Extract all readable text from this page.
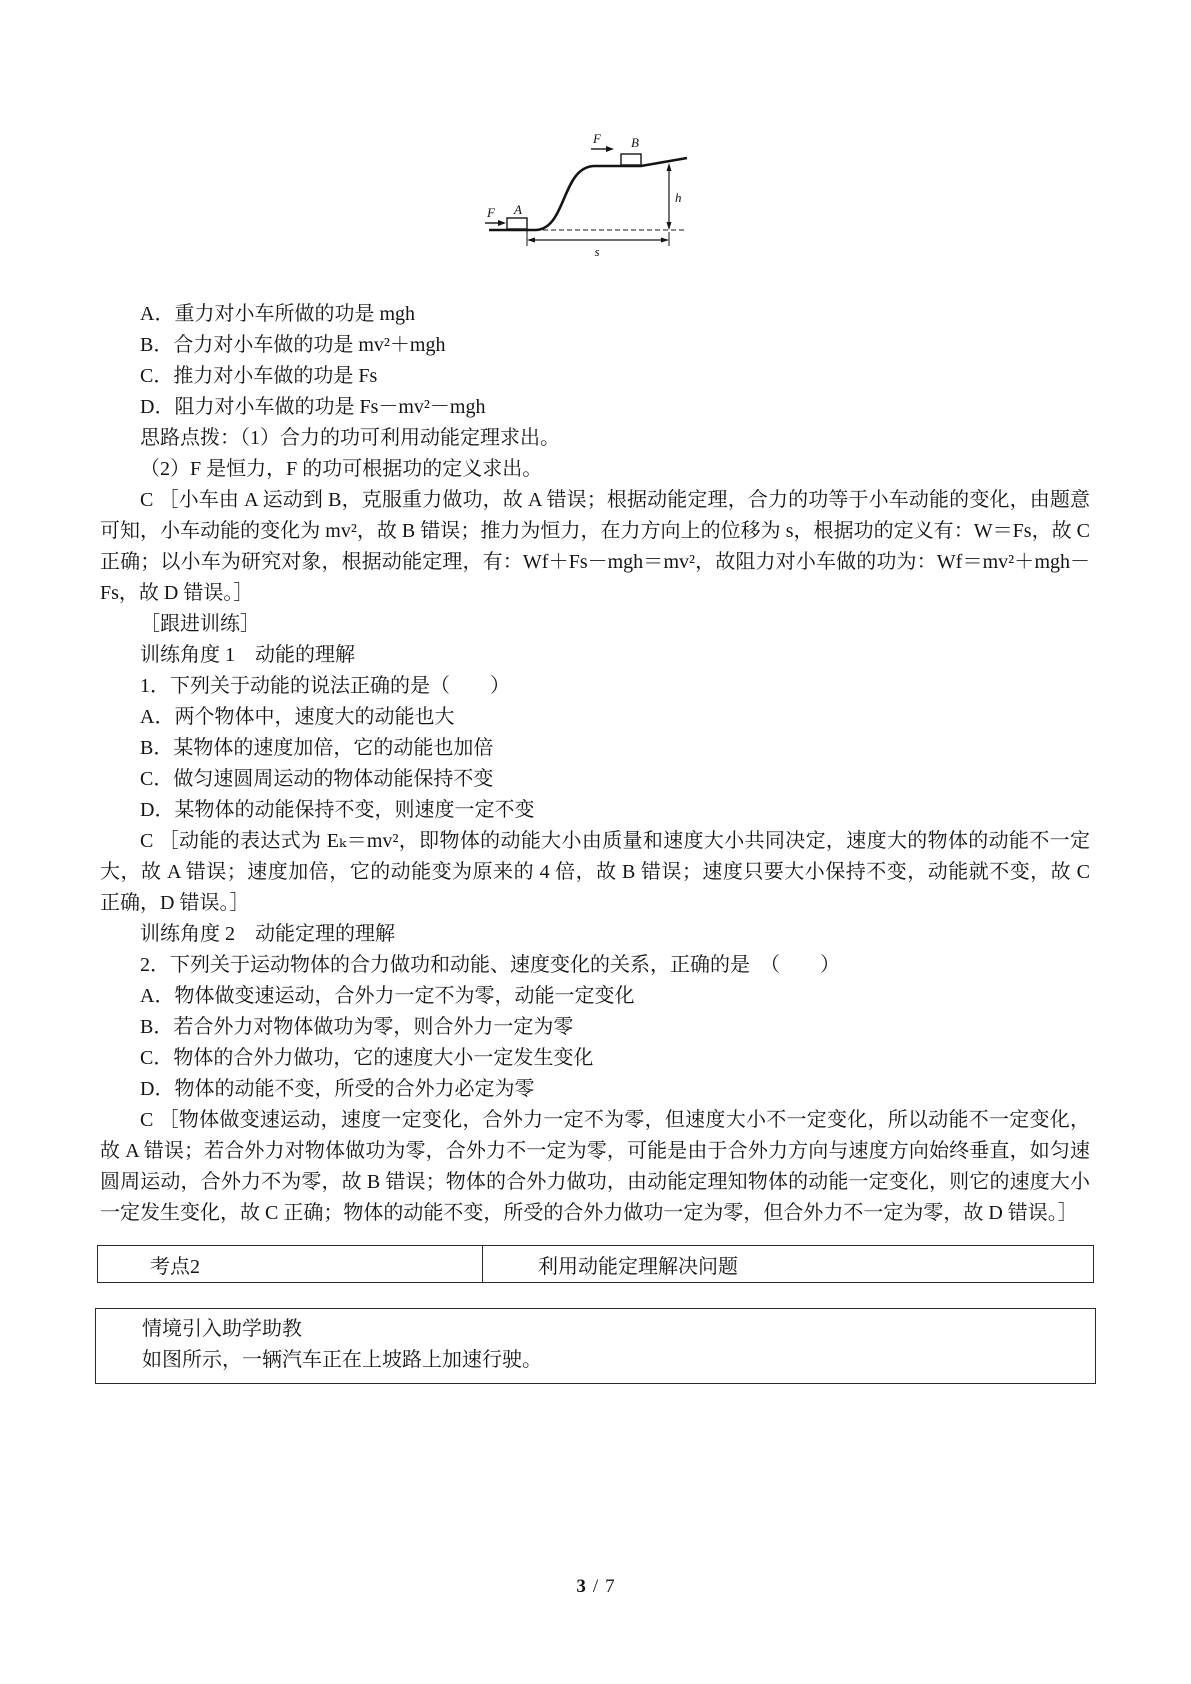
A
F
B
F
h
s

A．重力对小车所做的功是 mgh

B．合力对小车做的功是 mv²＋mgh

C．推力对小车做的功是 Fs

D．阻力对小车做的功是 Fs－mv²－mgh

思路点拨：（1）合力的功可利用动能定理求出。

（2）F 是恒力，F 的功可根据功的定义求出。

C ［小车由 A 运动到 B，克服重力做功，故 A 错误；根据动能定理，合力的功等于小车动能的变化，由题意可知，小车动能的变化为 mv²，故 B 错误；推力为恒力，在力方向上的位移为 s，根据功的定义有：W＝Fs，故 C 正确；以小车为研究对象，根据动能定理，有：Wf＋Fs－mgh＝mv²，故阻力对小车做的功为：Wf＝mv²＋mgh－Fs，故 D 错误。］

［跟进训练］

训练角度 1　动能的理解

1．下列关于动能的说法正确的是（　　）

A．两个物体中，速度大的动能也大

B．某物体的速度加倍，它的动能也加倍

C．做匀速圆周运动的物体动能保持不变

D．某物体的动能保持不变，则速度一定不变

C ［动能的表达式为 Eₖ＝mv²，即物体的动能大小由质量和速度大小共同决定，速度大的物体的动能不一定大，故 A 错误；速度加倍，它的动能变为原来的 4 倍，故 B 错误；速度只要大小保持不变，动能就不变，故 C 正确，D 错误。］

训练角度 2　动能定理的理解

2．下列关于运动物体的合力做功和动能、速度变化的关系，正确的是　（　　）

A．物体做变速运动，合外力一定不为零，动能一定变化

B．若合外力对物体做功为零，则合外力一定为零

C．物体的合外力做功，它的速度大小一定发生变化

D．物体的动能不变，所受的合外力必定为零

C ［物体做变速运动，速度一定变化，合外力一定不为零，但速度大小不一定变化，所以动能不一定变化，故 A 错误；若合外力对物体做功为零，合外力不一定为零，可能是由于合外力方向与速度方向始终垂直，如匀速圆周运动，合外力不为零，故 B 错误；物体的合外力做功，由动能定理知物体的动能一定变化，则它的速度大小一定发生变化，故 C 正确；物体的动能不变，所受的合外力做功一定为零，但合外力不一定为零，故 D 错误。］

考点2	利用动能定理解决问题

情境引入助学助教

如图所示，一辆汽车正在上坡路上加速行驶。

3 / 7
